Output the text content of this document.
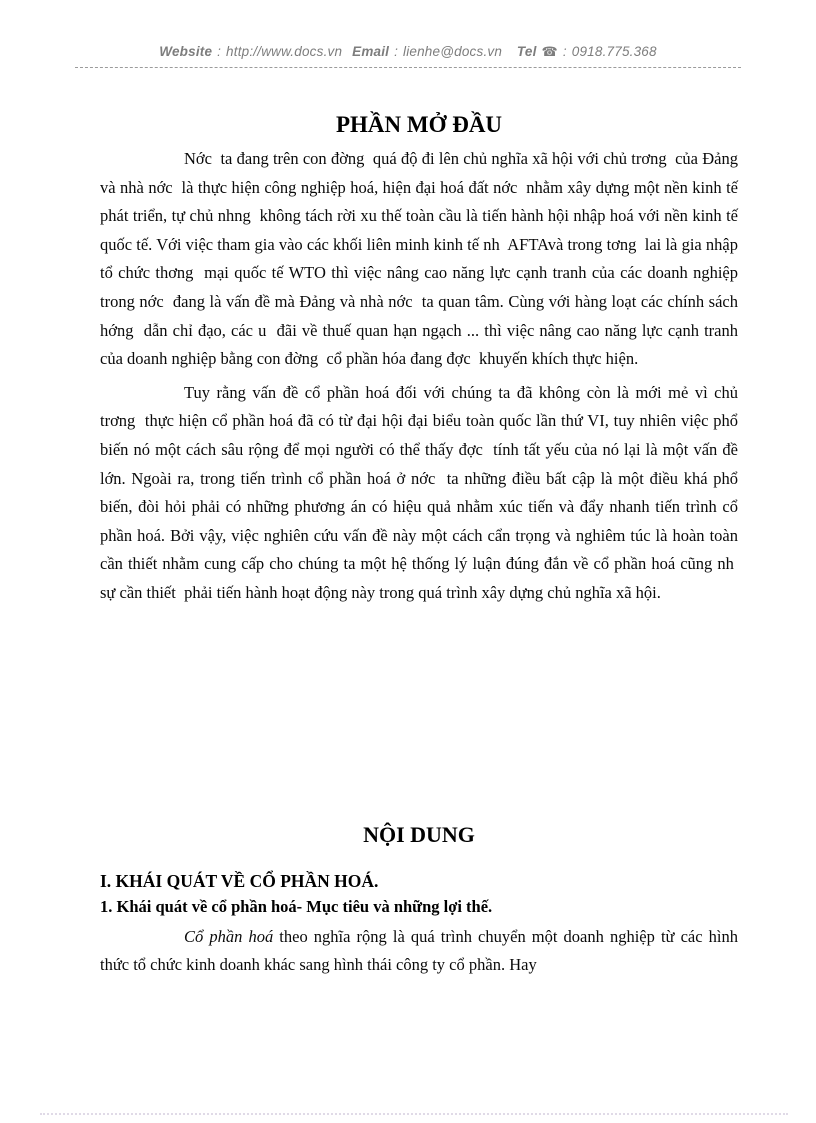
Website : http://www.docs.vn Email : lienhe@docs.vn Tel ☎ : 0918.775.368
PHẦN MỞ ĐẦU

Nớc  ta đang trên con đờng  quá độ đi lên chủ nghĩa xã hội với chủ trơng  của Đảng và nhà nớc  là thực hiện công nghiệp hoá, hiện đại hoá đất nớc  nhằm xây dựng một nền kinh tế phát triển, tự chủ nhng  không tách rời xu thế toàn cầu là tiến hành hội nhập hoá với nền kinh tế quốc tế. Với việc tham gia vào các khối liên minh kinh tế nh  AFTAvà trong tơng  lai là gia nhập tổ chức thơng  mại quốc tế WTO thì việc nâng cao năng lực cạnh tranh của các doanh nghiệp trong nớc  đang là vấn đề mà Đảng và nhà nớc  ta quan tâm. Cùng với hàng loạt các chính sách hớng  dẫn chỉ đạo, các u  đãi về thuế quan hạn ngạch ... thì việc nâng cao năng lực cạnh tranh của doanh nghiệp bằng con đờng  cổ phần hóa đang đợc  khuyến khích thực hiện.

Tuy rằng vấn đề cổ phần hoá đối với chúng ta đã không còn là mới mẻ vì chủ trơng  thực hiện cổ phần hoá đã có từ đại hội đại biểu toàn quốc lần thứ VI, tuy nhiên việc phổ biến nó một cách sâu rộng để mọi người có thể thấy đợc  tính tất yếu của nó lại là một vấn đề lớn. Ngoài ra, trong tiến trình cổ phần hoá ở nớc  ta những điều bất cập là một điều khá phổ biến, đòi hỏi phải có những phương án có hiệu quả nhằm xúc tiến và đẩy nhanh tiến trình cổ phần hoá. Bởi vậy, việc nghiên cứu vấn đề này một cách cẩn trọng và nghiêm túc là hoàn toàn cần thiết nhằm cung cấp cho chúng ta một hệ thống lý luận đúng đắn về cổ phần hoá cũng nh  sự cần thiết  phải tiến hành hoạt động này trong quá trình xây dựng chủ nghĩa xã hội.

NỘI DUNG
I. KHÁI QUÁT VỀ CỔ PHẦN HOÁ.
1. Khái quát về cổ phần hoá- Mục tiêu và những lợi thế.

Cổ phần hoá theo nghĩa rộng là quá trình chuyển một doanh nghiệp từ các hình thức tổ chức kinh doanh khác sang hình thái công ty cổ phần. Hay
